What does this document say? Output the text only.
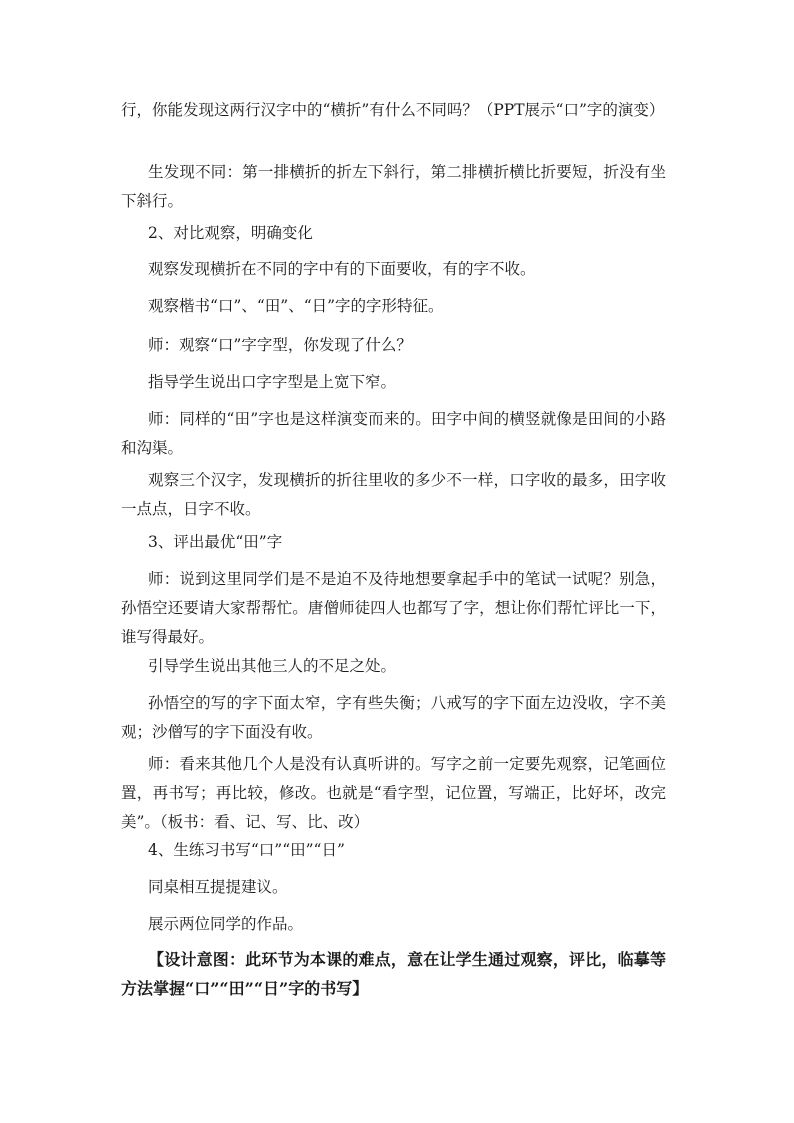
行，你能发现这两行汉字中的“横折”有什么不同吗？（PPT展示“口”字的演变）

生发现不同：第一排横折的折左下斜行，第二排横折横比折要短，折没有坐下斜行。

2、对比观察，明确变化

观察发现横折在不同的字中有的下面要收，有的字不收。

观察楷书“口”、“田”、“日”字的字形特征。

师：观察“口”字字型，你发现了什么？

指导学生说出口字字型是上宽下窄。

师：同样的“田”字也是这样演变而来的。田字中间的横竖就像是田间的小路和沟渠。

观察三个汉字，发现横折的折往里收的多少不一样，口字收的最多，田字收一点点，日字不收。

3、评出最优“田”字

师：说到这里同学们是不是迫不及待地想要拿起手中的笔试一试呢？别急，孙悟空还要请大家帮帮忙。唐僧师徒四人也都写了字，想让你们帮忙评比一下，谁写得最好。

引导学生说出其他三人的不足之处。

孙悟空的写的字下面太窄，字有些失衡；八戒写的字下面左边没收，字不美观；沙僧写的字下面没有收。

师：看来其他几个人是没有认真听讲的。写字之前一定要先观察，记笔画位置，再书写；再比较，修改。也就是“看字型，记位置，写端正，比好坏，改完美”。（板书：看、记、写、比、改）

4、生练习书写“口”“田”“日”

同桌相互提提建议。

展示两位同学的作品。

【设计意图：此环节为本课的难点，意在让学生通过观察，评比，临摹等方法掌握“口”“田”“日”字的书写】
